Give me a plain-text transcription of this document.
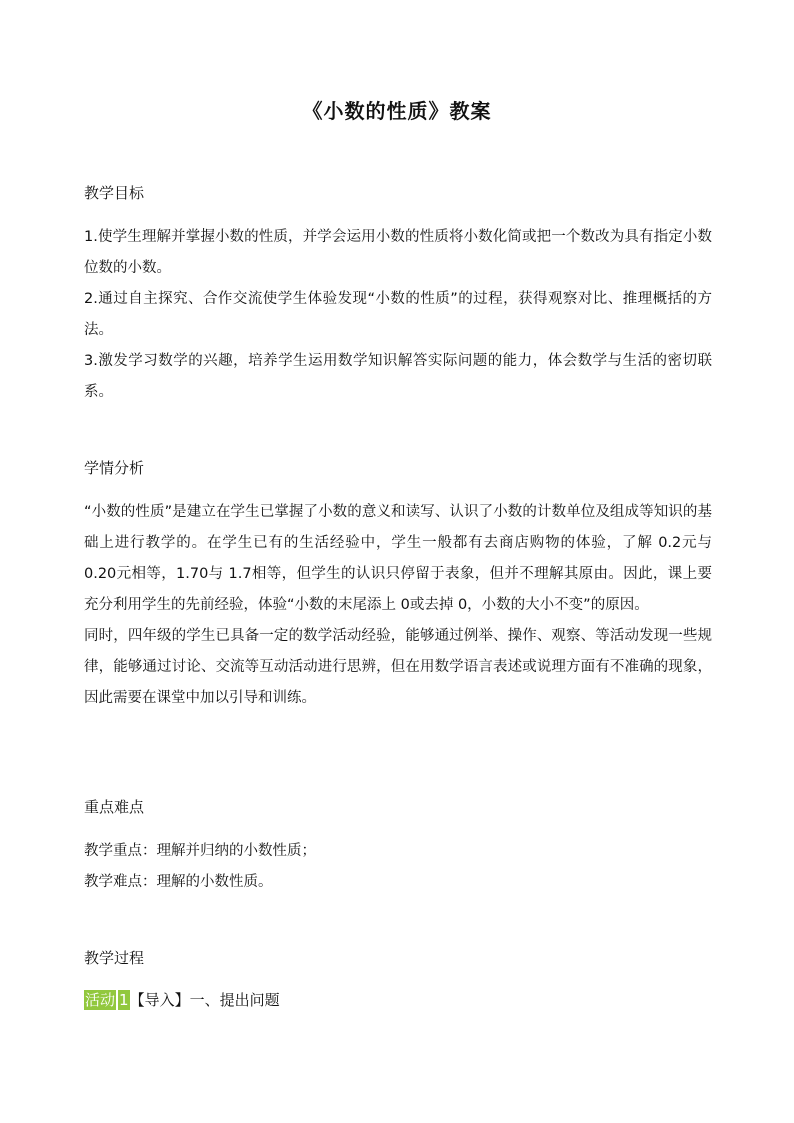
《小数的性质》教案
教学目标

1.使学生理解并掌握小数的性质，并学会运用小数的性质将小数化简或把一个数改为具有指定小数位数的小数。

2.通过自主探究、合作交流使学生体验发现“小数的性质”的过程，获得观察对比、推理概括的方法。

3.激发学习数学的兴趣，培养学生运用数学知识解答实际问题的能力，体会数学与生活的密切联系。

学情分析

“小数的性质”是建立在学生已掌握了小数的意义和读写、认识了小数的计数单位及组成等知识的基础上进行教学的。在学生已有的生活经验中，学生一般都有去商店购物的体验，了解 0.2元与 0.20元相等，1.70与 1.7相等，但学生的认识只停留于表象，但并不理解其原由。因此，课上要充分利用学生的先前经验，体验“小数的末尾添上 0或去掉 0，小数的大小不变”的原因。

同时，四年级的学生已具备一定的数学活动经验，能够通过例举、操作、观察、等活动发现一些规律，能够通过讨论、交流等互动活动进行思辨，但在用数学语言表述或说理方面有不准确的现象，因此需要在课堂中加以引导和训练。

重点难点

教学重点：理解并归纳的小数性质；

教学难点：理解的小数性质。

教学过程
活动 1【导入】一、提出问题
